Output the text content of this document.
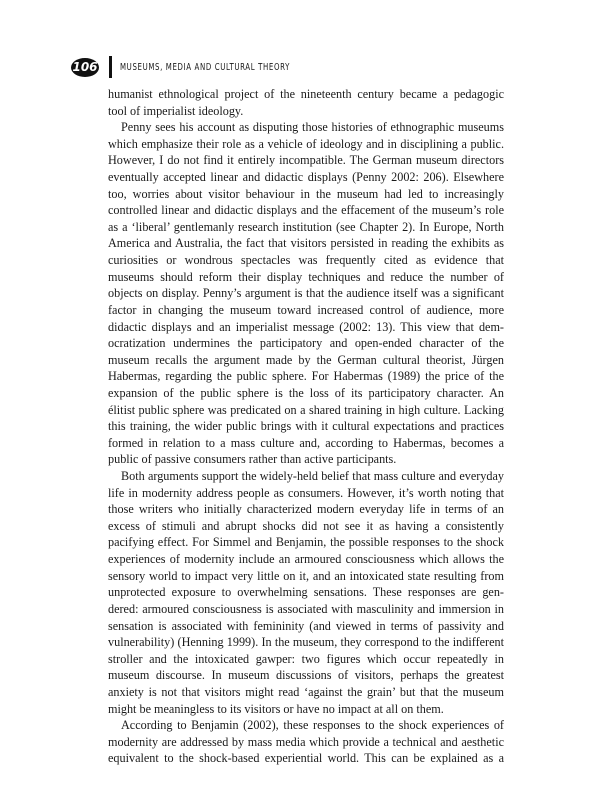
106 MUSEUMS, MEDIA AND CULTURAL THEORY
humanist ethnological project of the nineteenth century became a pedagogic
tool of imperialist ideology.
Penny sees his account as disputing those histories of ethnographic museums
which emphasize their role as a vehicle of ideology and in disciplining a public.
However, I do not find it entirely incompatible. The German museum directors
eventually accepted linear and didactic displays (Penny 2002: 206). Elsewhere
too, worries about visitor behaviour in the museum had led to increasingly
controlled linear and didactic displays and the effacement of the museum’s role
as a ‘liberal’ gentlemanly research institution (see Chapter 2). In Europe, North
America and Australia, the fact that visitors persisted in reading the exhibits as
curiosities or wondrous spectacles was frequently cited as evidence that
museums should reform their display techniques and reduce the number of
objects on display. Penny’s argument is that the audience itself was a significant
factor in changing the museum toward increased control of audience, more
didactic displays and an imperialist message (2002: 13). This view that dem-
ocratization undermines the participatory and open-ended character of the
museum recalls the argument made by the German cultural theorist, Jürgen
Habermas, regarding the public sphere. For Habermas (1989) the price of the
expansion of the public sphere is the loss of its participatory character. An
élitist public sphere was predicated on a shared training in high culture. Lacking
this training, the wider public brings with it cultural expectations and practices
formed in relation to a mass culture and, according to Habermas, becomes a
public of passive consumers rather than active participants.
Both arguments support the widely-held belief that mass culture and everyday
life in modernity address people as consumers. However, it’s worth noting that
those writers who initially characterized modern everyday life in terms of an
excess of stimuli and abrupt shocks did not see it as having a consistently
pacifying effect. For Simmel and Benjamin, the possible responses to the shock
experiences of modernity include an armoured consciousness which allows the
sensory world to impact very little on it, and an intoxicated state resulting from
unprotected exposure to overwhelming sensations. These responses are gen-
dered: armoured consciousness is associated with masculinity and immersion in
sensation is associated with femininity (and viewed in terms of passivity and
vulnerability) (Henning 1999). In the museum, they correspond to the indifferent
stroller and the intoxicated gawper: two figures which occur repeatedly in
museum discourse. In museum discussions of visitors, perhaps the greatest
anxiety is not that visitors might read ‘against the grain’ but that the museum
might be meaningless to its visitors or have no impact at all on them.
According to Benjamin (2002), these responses to the shock experiences of
modernity are addressed by mass media which provide a technical and aesthetic
equivalent to the shock-based experiential world. This can be explained as a
